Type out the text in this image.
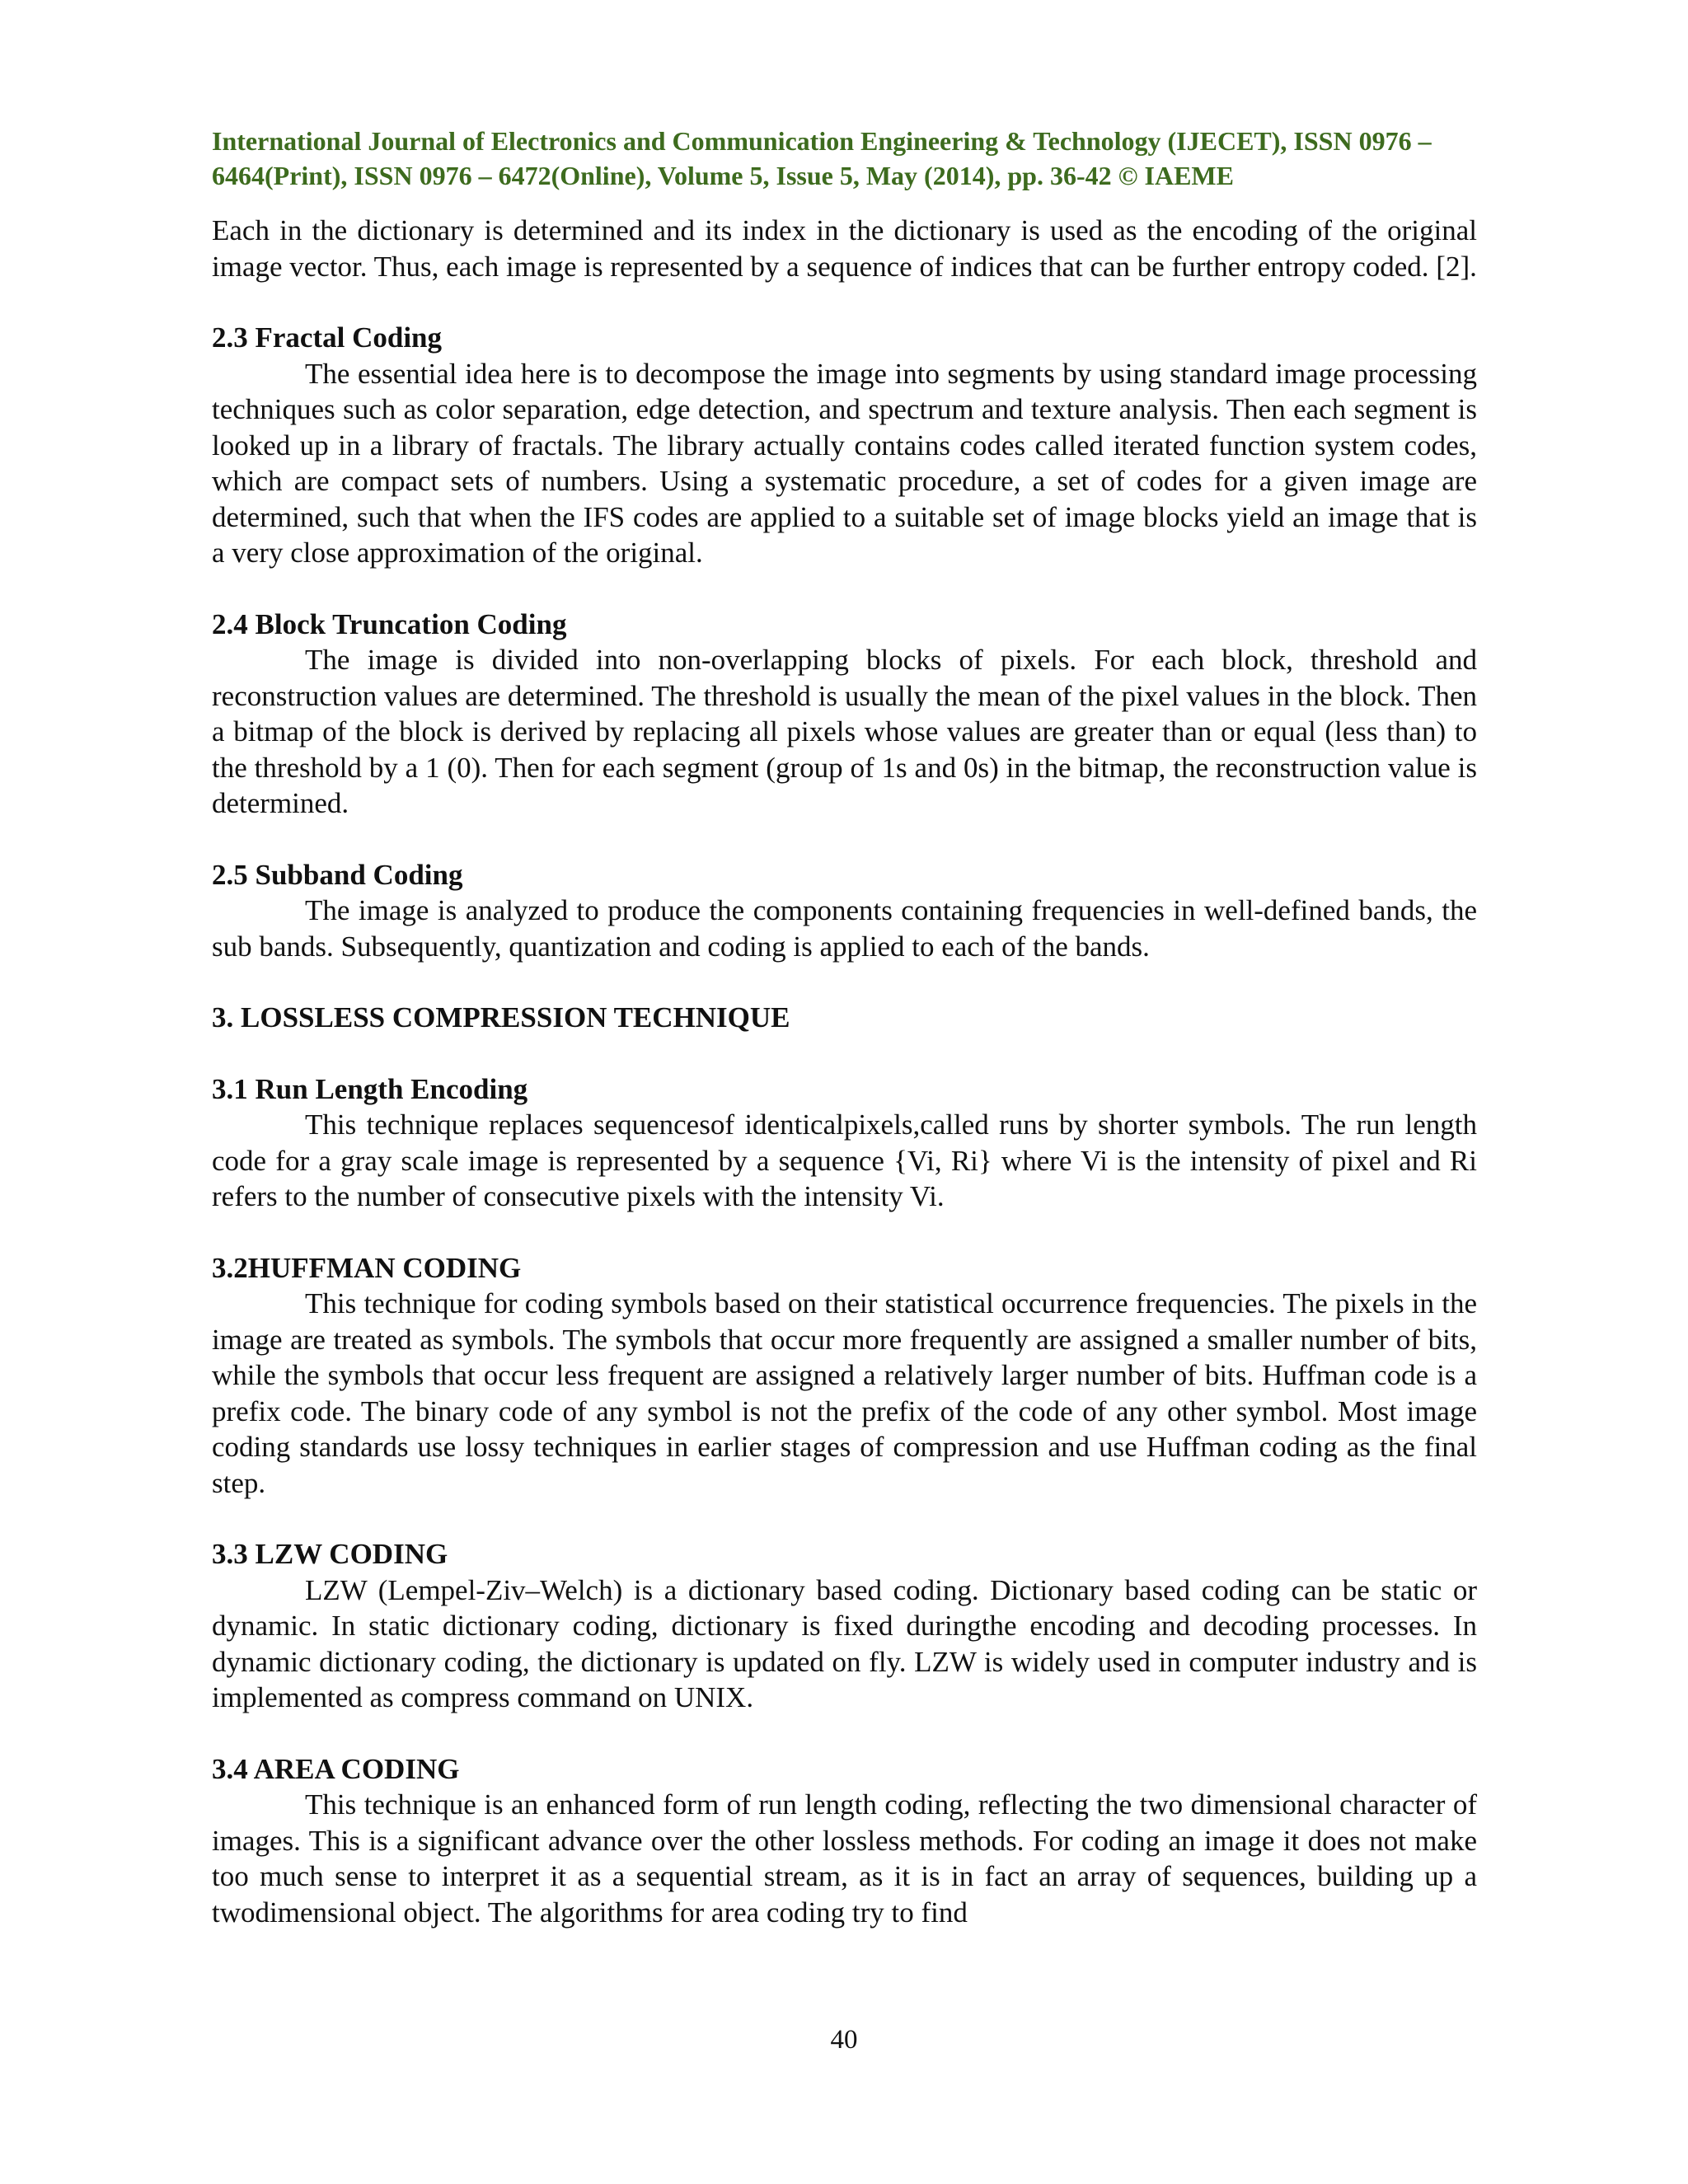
International Journal of Electronics and Communication Engineering & Technology (IJECET), ISSN 0976 –
6464(Print), ISSN 0976 – 6472(Online), Volume 5, Issue 5, May (2014), pp. 36-42 © IAEME

Each in the dictionary is determined and its index in the dictionary is used as the encoding of the original image vector. Thus, each image is represented by a sequence of indices that can be further entropy coded. [2].

2.3 Fractal Coding

The essential idea here is to decompose the image into segments by using standard image processing techniques such as color separation, edge detection, and spectrum and texture analysis. Then each segment is looked up in a library of fractals. The library actually contains codes called iterated function system codes, which are compact sets of numbers. Using a systematic procedure, a set of codes for a given image are determined, such that when the IFS codes are applied to a suitable set of image blocks yield an image that is a very close approximation of the original.

2.4 Block Truncation Coding

The image is divided into non-overlapping blocks of pixels. For each block, threshold and reconstruction values are determined. The threshold is usually the mean of the pixel values in the block. Then a bitmap of the block is derived by replacing all pixels whose values are greater than or equal (less than) to the threshold by a 1 (0). Then for each segment (group of 1s and 0s) in the bitmap, the reconstruction value is determined.

2.5 Subband Coding

The image is analyzed to produce the components containing frequencies in well-defined bands, the sub bands. Subsequently, quantization and coding is applied to each of the bands.

3. LOSSLESS COMPRESSION TECHNIQUE
3.1 Run Length Encoding

This technique replaces sequencesof identicalpixels,called runs by shorter symbols. The run length code for a gray scale image is represented by a sequence {Vi, Ri} where Vi is the intensity of pixel and Ri refers to the number of consecutive pixels with the intensity Vi.

3.2HUFFMAN CODING

This technique for coding symbols based on their statistical occurrence frequencies. The pixels in the image are treated as symbols. The symbols that occur more frequently are assigned a smaller number of bits, while the symbols that occur less frequent are assigned a relatively larger number of bits. Huffman code is a prefix code. The binary code of any symbol is not the prefix of the code of any other symbol. Most image coding standards use lossy techniques in earlier stages of compression and use Huffman coding as the final step.

3.3 LZW CODING

LZW (Lempel-Ziv–Welch) is a dictionary based coding. Dictionary based coding can be static or dynamic. In static dictionary coding, dictionary is fixed duringthe encoding and decoding processes. In dynamic dictionary coding, the dictionary is updated on fly. LZW is widely used in computer industry and is implemented as compress command on UNIX.

3.4 AREA CODING

This technique is an enhanced form of run length coding, reflecting the two dimensional character of images. This is a significant advance over the other lossless methods. For coding an image it does not make too much sense to interpret it as a sequential stream, as it is in fact an array of sequences, building up a twodimensional object. The algorithms for area coding try to find

40
